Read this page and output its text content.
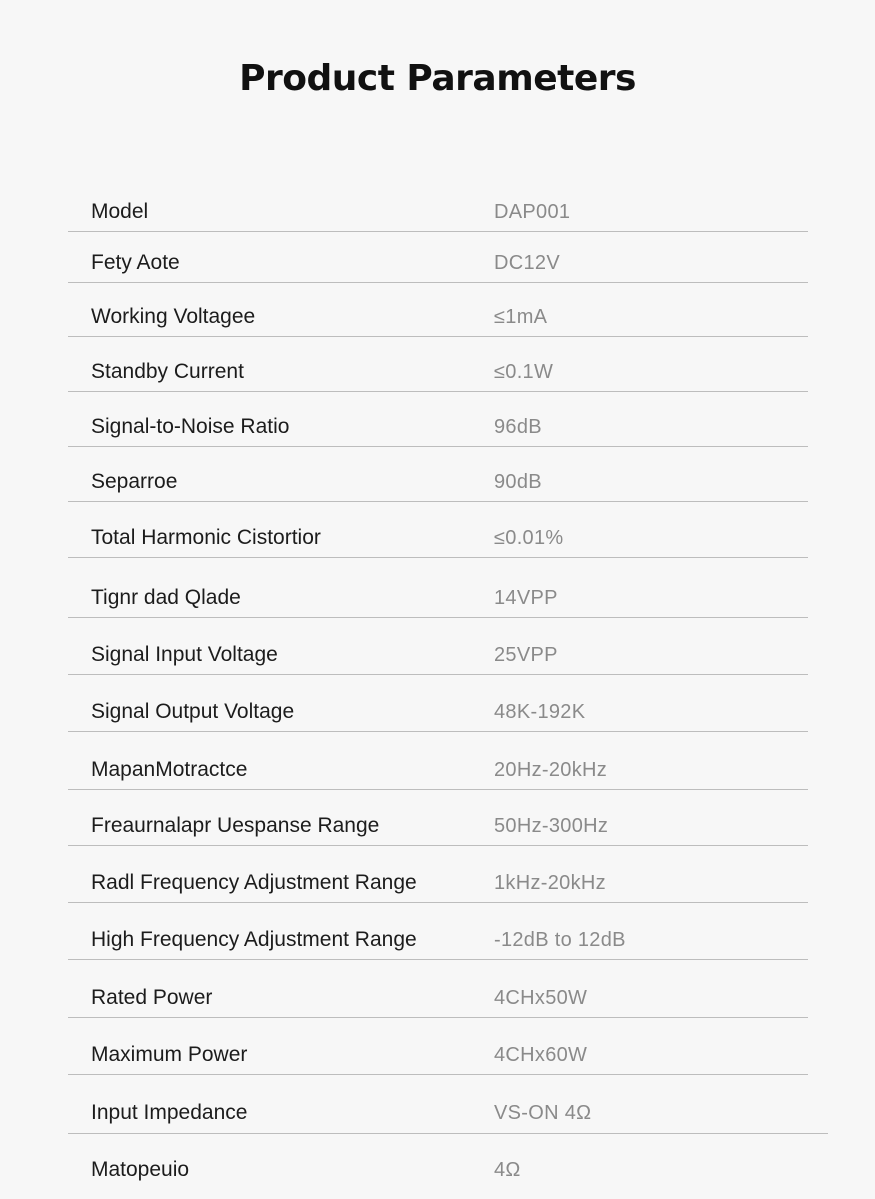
Product Parameters
Model	DAP001
Fety Aote	DC12V
Working Voltagee	≤1mA
Standby Current	≤0.1W
Signal-to-Noise Ratio	96dB
Separroe	90dB
Total Harmonic Cistortior	≤0.01%
Tignr dad Qlade	14VPP
Signal Input Voltage	25VPP
Signal Output Voltage	48K-192K
MapanMotractce	20Hz-20kHz
Freaurnalapr Uespanse Range	50Hz-300Hz
Radl Frequency Adjustment Range	1kHz-20kHz
High Frequency Adjustment Range	-12dB to 12dB
Rated Power	4CHx50W
Maximum Power	4CHx60W
Input Impedance	VS-ON 4Ω
Matopeuio	4Ω
